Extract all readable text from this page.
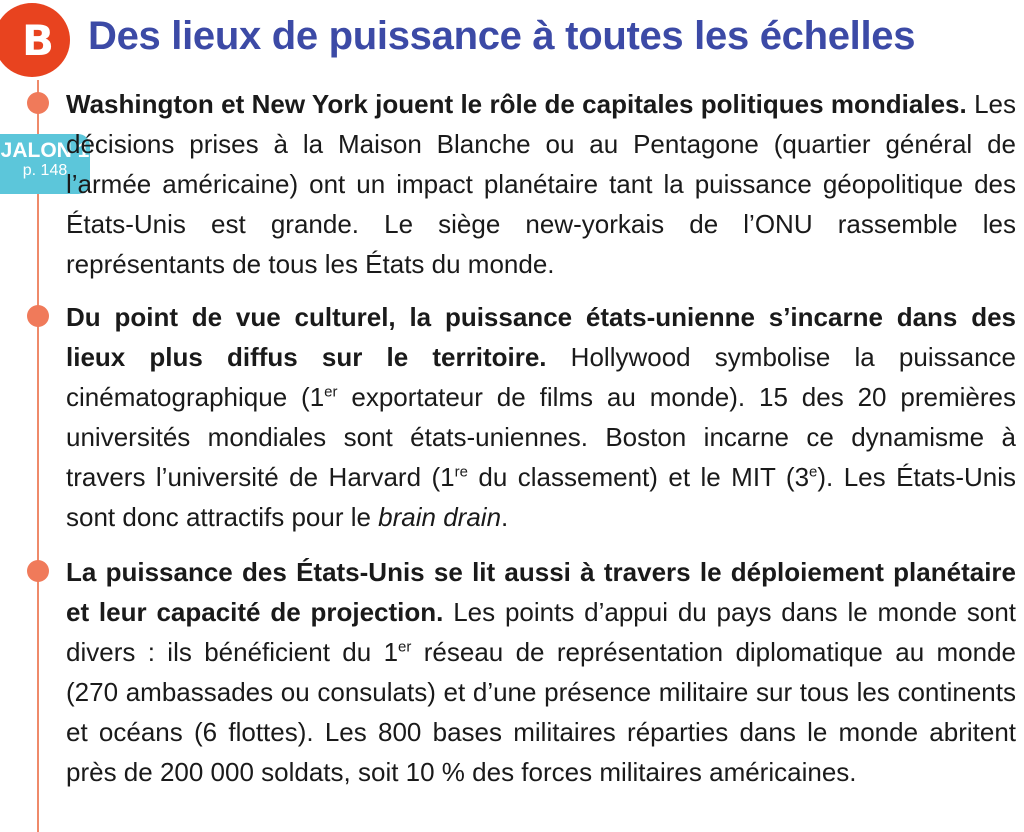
B Des lieux de puissance à toutes les échelles
JALON 1
p. 148

Washington et New York jouent le rôle de capitales politiques mondiales. Les décisions prises à la Maison Blanche ou au Pentagone (quartier général de l’armée américaine) ont un impact planétaire tant la puissance géopolitique des États-Unis est grande. Le siège new-yorkais de l’ONU rassemble les représentants de tous les États du monde.

Du point de vue culturel, la puissance états-unienne s’incarne dans des lieux plus diffus sur le territoire. Hollywood symbolise la puissance cinématographique (1er exportateur de films au monde). 15 des 20 premières universités mondiales sont états-uniennes. Boston incarne ce dynamisme à travers l’université de Harvard (1re du classement) et le MIT (3e). Les États-Unis sont donc attractifs pour le brain drain.

La puissance des États-Unis se lit aussi à travers le déploiement planétaire et leur capacité de projection. Les points d’appui du pays dans le monde sont divers : ils bénéficient du 1er réseau de représentation diplomatique au monde (270 ambassades ou consulats) et d’une présence militaire sur tous les continents et océans (6 flottes). Les 800 bases militaires réparties dans le monde abritent près de 200 000 soldats, soit 10 % des forces militaires américaines.
